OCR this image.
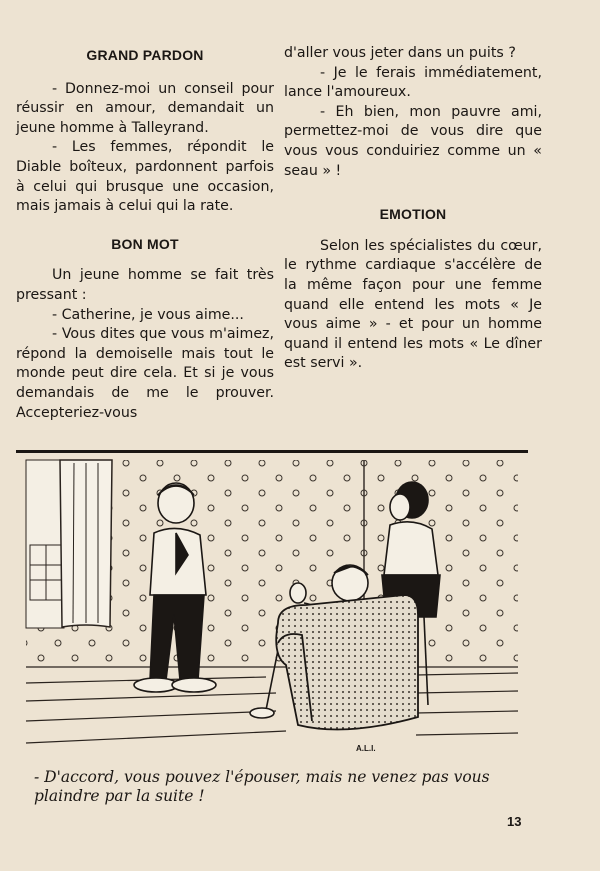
GRAND PARDON

- Donnez-moi un conseil pour réussir en amour, demandait un jeune homme à Talleyrand.

- Les femmes, répondit le Diable boîteux, pardonnent parfois à celui qui brusque une occasion, mais jamais à celui qui la rate.

BON MOT

Un jeune homme se fait très pressant :

- Catherine, je vous aime...

- Vous dites que vous m'aimez, répond la demoiselle mais tout le monde peut dire cela. Et si je vous demandais de me le prouver. Accepteriez-vous

d'aller vous jeter dans un puits ?

- Je le ferais immédiatement, lance l'amoureux.

- Eh bien, mon pauvre ami, permettez-moi de vous dire que vous vous conduiriez comme un « seau » !

EMOTION

Selon les spécialistes du cœur, le rythme cardiaque s'accélère de la même façon pour une femme quand elle entend les mots « Je vous aime » - et pour un homme quand il entend les mots « Le dîner est servi ».

A.L.I.
- D'accord, vous pouvez l'épouser, mais ne venez pas vous plaindre par la suite !
13
